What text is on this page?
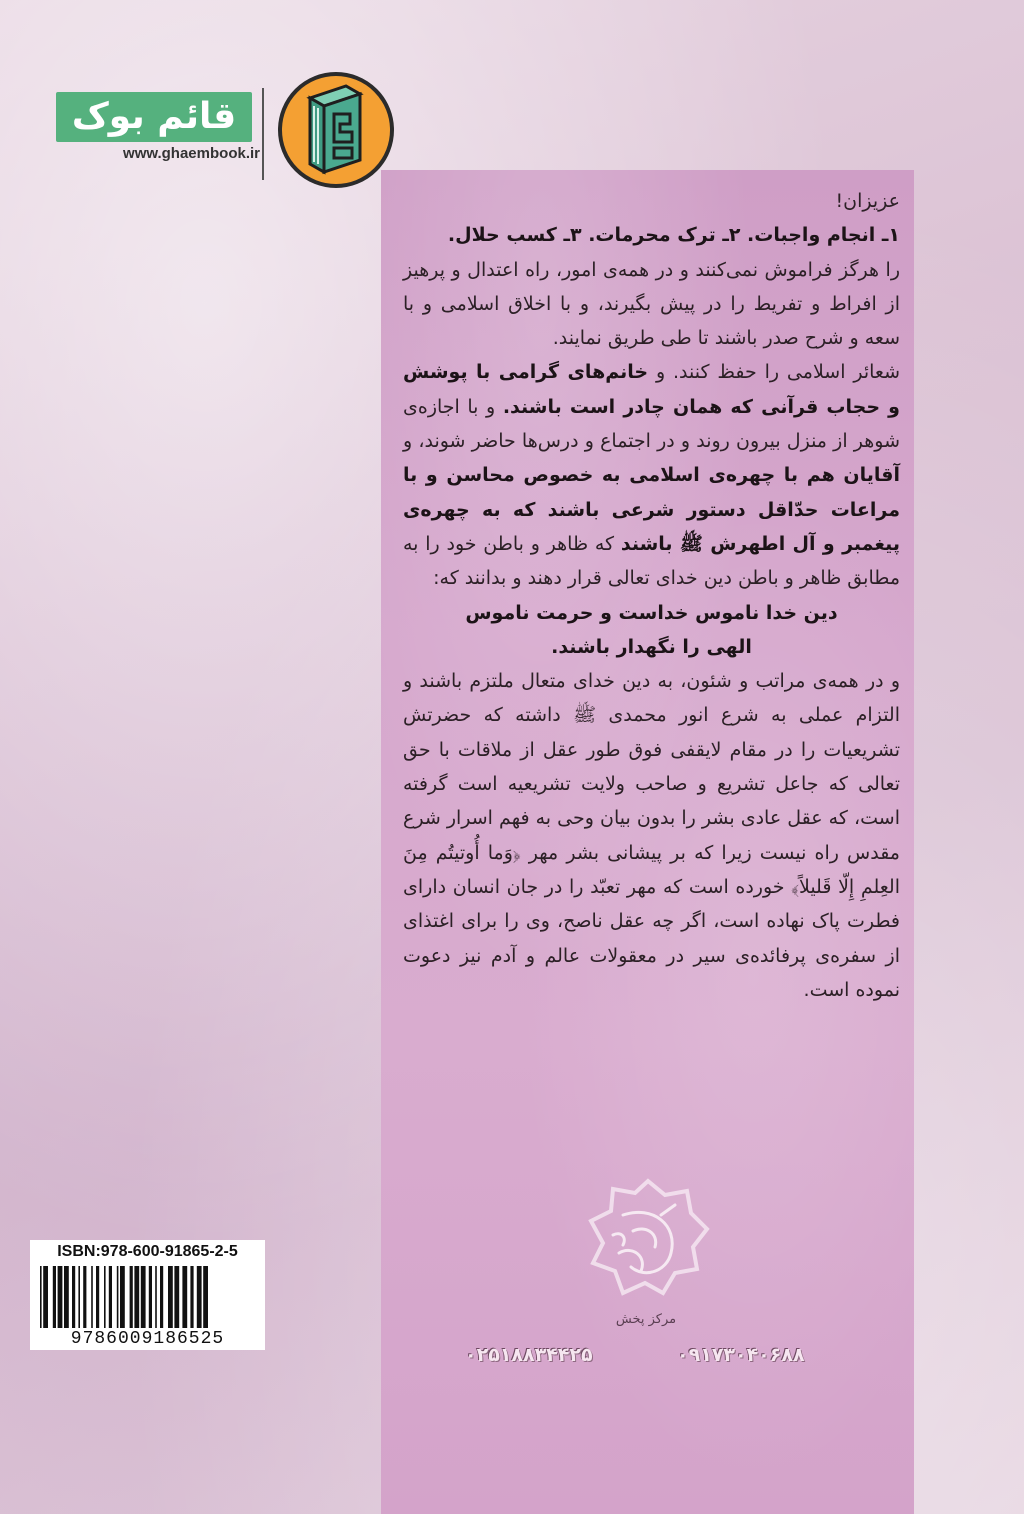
قائم بوک
www.ghaembook.ir

عزیزان!

۱ـ انجام واجبات. ۲ـ ترک محرمات. ۳ـ کسب حلال.

را هرگز فراموش نمی‌کنند و در همه‌ی امور، راه اعتدال و پرهیز از افراط و تفریط را در پیش بگیرند، و با اخلاق اسلامی و با سعه و شرح صدر باشند تا طی طریق نمایند.

شعائر اسلامی را حفظ کنند. و خانم‌های گرامی با پوشش و حجاب قرآنی که همان چادر است باشند. و با اجازه‌ی شوهر از منزل بیرون روند و در اجتماع و درس‌ها حاضر شوند، و آقایان هم با چهره‌ی اسلامی به خصوص محاسن و با مراعات حدّاقل دستور شرعی باشند که به چهره‌ی پیغمبر و آل اطهرش ﷺ باشند که ظاهر و باطن خود را به مطابق ظاهر و باطن دین خدای تعالی قرار دهند و بدانند که:

دین خدا ناموس خداست و حرمت ناموس

الهی را نگهدار باشند.

و در همه‌ی مراتب و شئون، به دین خدای متعال ملتزم باشند و التزام عملی به شرع انور محمدی ﷺ داشته که حضرتش تشریعیات را در مقام لایقفی فوق طور عقل از ملاقات با حق تعالی که جاعل تشریع و صاحب ولایت تشریعیه است گرفته است، که عقل عادی بشر را بدون بیان وحی به فهم اسرار شرع مقدس راه نیست زیرا که بر پیشانی بشر مهر ﴿وَما أُوتيتُم مِنَ العِلمِ إِلّا قَليلاً﴾ خورده است که مهر تعبّد را در جان انسان دارای فطرت پاک نهاده است، اگر چه عقل ناصح، وی را برای اغتذای از سفره‌ی پرفائده‌ی سیر در معقولات عالم و آدم نیز دعوت نموده است.

مرکز پخش
۰۹۱۷۳۰۴۰۶۸۸
۰۲۵۱۸۸۳۴۴۲۵
ISBN:978-600-91865-2-5
9786009186525
